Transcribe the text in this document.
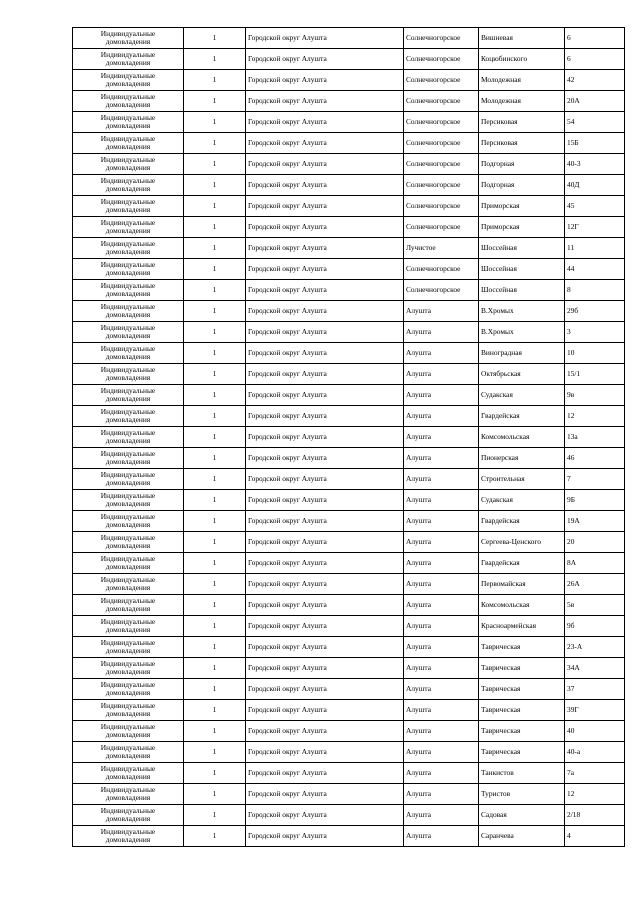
Индивидуальные
домовладения	1	Городской округ Алушта	Солнечногорское	Вишневая	6

Индивидуальные
домовладения	1	Городской округ Алушта	Солнечногорское	Коцюбинского	6

Индивидуальные
домовладения	1	Городской округ Алушта	Солнечногорское	Молодежная	42

Индивидуальные
домовладения	1	Городской округ Алушта	Солнечногорское	Молодежная	20А

Индивидуальные
домовладения	1	Городской округ Алушта	Солнечногорское	Персиковая	54

Индивидуальные
домовладения	1	Городской округ Алушта	Солнечногорское	Персиковая	15Б

Индивидуальные
домовладения	1	Городской округ Алушта	Солнечногорское	Подгорная	40-3

Индивидуальные
домовладения	1	Городской округ Алушта	Солнечногорское	Подгорная	40Д

Индивидуальные
домовладения	1	Городской округ Алушта	Солнечногорское	Приморская	45

Индивидуальные
домовладения	1	Городской округ Алушта	Солнечногорское	Приморская	12Г

Индивидуальные
домовладения	1	Городской округ Алушта	Лучистое	Шоссейная	11

Индивидуальные
домовладения	1	Городской округ Алушта	Солнечногорское	Шоссейная	44

Индивидуальные
домовладения	1	Городской округ Алушта	Солнечногорское	Шоссейная	8

Индивидуальные
домовладения	1	Городской округ Алушта	Алушта	В.Хромых	29б

Индивидуальные
домовладения	1	Городской округ Алушта	Алушта	В.Хромых	3

Индивидуальные
домовладения	1	Городской округ Алушта	Алушта	Виноградная	10

Индивидуальные
домовладения	1	Городской округ Алушта	Алушта	Октябрьская	15/1

Индивидуальные
домовладения	1	Городской округ Алушта	Алушта	Судакская	9в

Индивидуальные
домовладения	1	Городской округ Алушта	Алушта	Гвардейская	12

Индивидуальные
домовладения	1	Городской округ Алушта	Алушта	Комсомольская	13а

Индивидуальные
домовладения	1	Городской округ Алушта	Алушта	Пионерская	46

Индивидуальные
домовладения	1	Городской округ Алушта	Алушта	Строительная	7

Индивидуальные
домовладения	1	Городской округ Алушта	Алушта	Судакская	9Б

Индивидуальные
домовладения	1	Городской округ Алушта	Алушта	Гвардейская	19А

Индивидуальные
домовладения	1	Городской округ Алушта	Алушта	Сергеева-Ценского	20

Индивидуальные
домовладения	1	Городской округ Алушта	Алушта	Гвардейская	8А

Индивидуальные
домовладения	1	Городской округ Алушта	Алушта	Первомайская	26А

Индивидуальные
домовладения	1	Городской округ Алушта	Алушта	Комсомольская	5в

Индивидуальные
домовладения	1	Городской округ Алушта	Алушта	Красноармейская	9б

Индивидуальные
домовладения	1	Городской округ Алушта	Алушта	Таврическая	23-А

Индивидуальные
домовладения	1	Городской округ Алушта	Алушта	Таврическая	34А

Индивидуальные
домовладения	1	Городской округ Алушта	Алушта	Таврическая	37

Индивидуальные
домовладения	1	Городской округ Алушта	Алушта	Таврическая	39Г

Индивидуальные
домовладения	1	Городской округ Алушта	Алушта	Таврическая	40

Индивидуальные
домовладения	1	Городской округ Алушта	Алушта	Таврическая	40-а

Индивидуальные
домовладения	1	Городской округ Алушта	Алушта	Танкистов	7а

Индивидуальные
домовладения	1	Городской округ Алушта	Алушта	Туристов	12

Индивидуальные
домовладения	1	Городской округ Алушта	Алушта	Садовая	2/18

Индивидуальные
домовладения	1	Городской округ Алушта	Алушта	Саранчева	4
